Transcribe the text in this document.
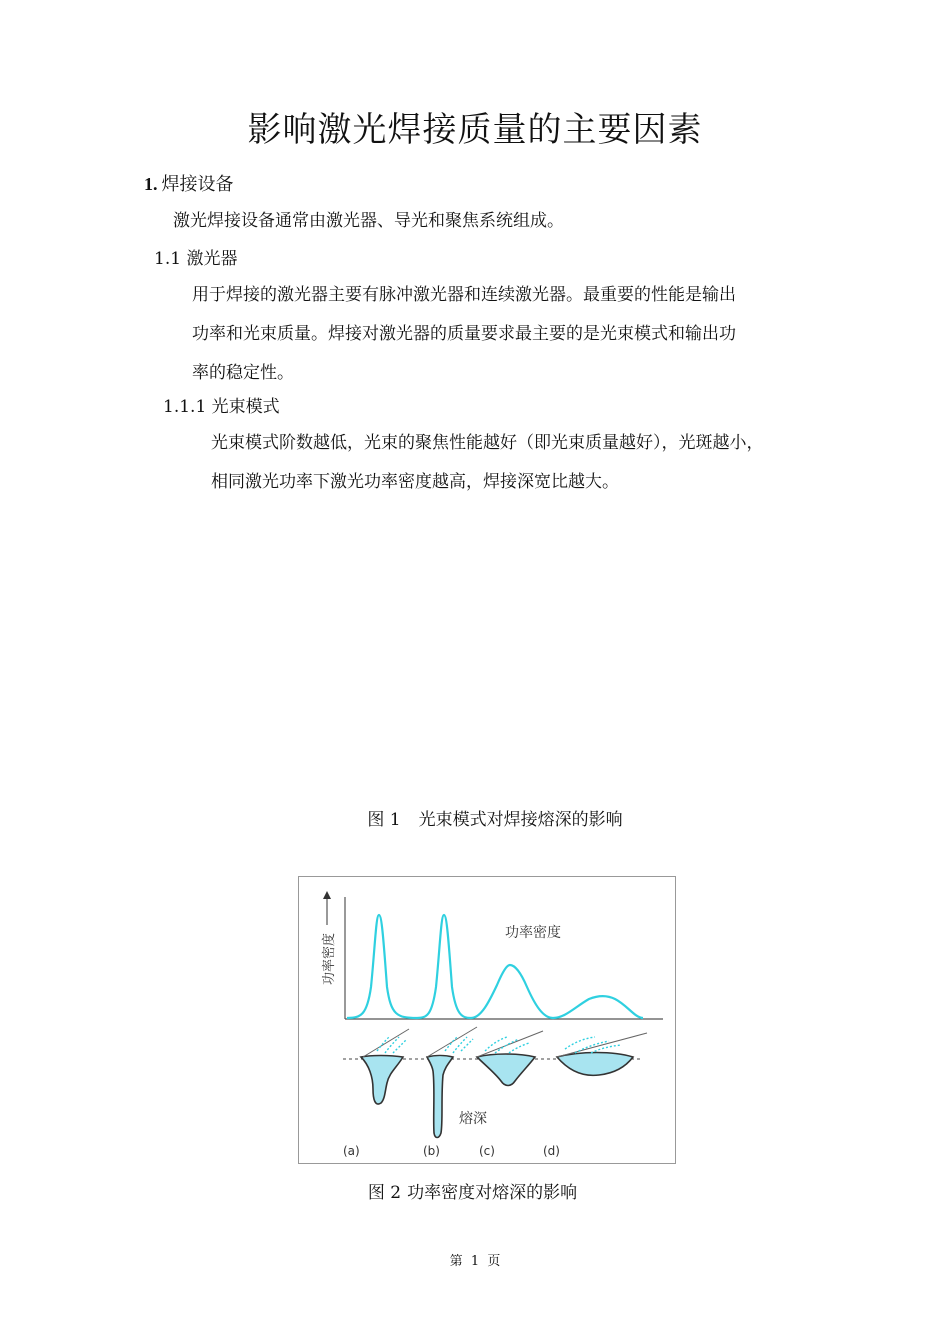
影响激光焊接质量的主要因素
1. 焊接设备
激光焊接设备通常由激光器、导光和聚焦系统组成。
1.1 激光器
用于焊接的激光器主要有脉冲激光器和连续激光器。最重要的性能是输出
功率和光束质量。焊接对激光器的质量要求最主要的是光束模式和输出功
率的稳定性。
1.1.1 光束模式
光束模式阶数越低，光束的聚焦性能越好（即光束质量越好），光斑越小，
相同激光功率下激光功率密度越高，焊接深宽比越大。
图 1 光束模式对焊接熔深的影响
功率密度	功率密度
熔深
(a)	(b)	(c)	(d)
图 2 功率密度对熔深的影响
第 1 页
